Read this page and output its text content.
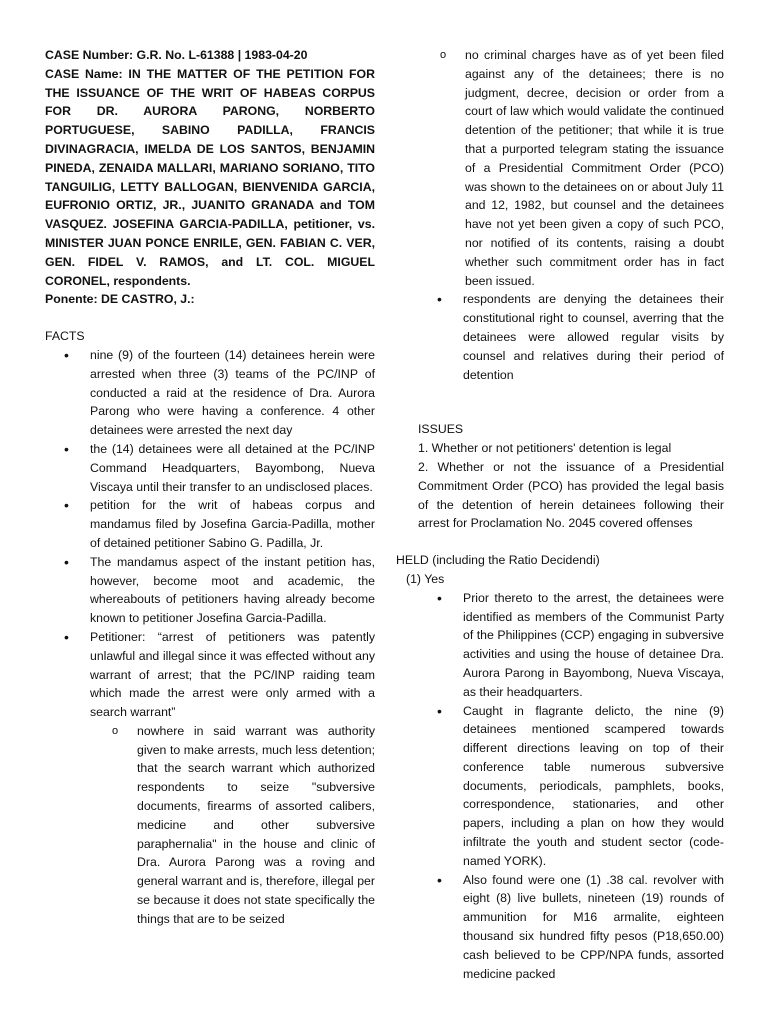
CASE Number: G.R. No. L-61388 | 1983-04-20

CASE Name: IN THE MATTER OF THE PETITION FOR THE ISSUANCE OF THE WRIT OF HABEAS CORPUS FOR DR. AURORA PARONG, NORBERTO PORTUGUESE, SABINO PADILLA, FRANCIS DIVINAGRACIA, IMELDA DE LOS SANTOS, BENJAMIN PINEDA, ZENAIDA MALLARI, MARIANO SORIANO, TITO TANGUILIG, LETTY BALLOGAN, BIENVENIDA GARCIA, EUFRONIO ORTIZ, JR., JUANITO GRANADA and TOM VASQUEZ. JOSEFINA GARCIA-PADILLA, petitioner, vs. MINISTER JUAN PONCE ENRILE, GEN. FABIAN C. VER, GEN. FIDEL V. RAMOS, and LT. COL. MIGUEL CORONEL, respondents.

Ponente: DE CASTRO, J.:

FACTS

• nine (9) of the fourteen (14) detainees herein were arrested when three (3) teams of the PC/INP of conducted a raid at the residence of Dra. Aurora Parong who were having a conference. 4 other detainees were arrested the next day
• the (14) detainees were all detained at the PC/INP Command Headquarters, Bayombong, Nueva Viscaya until their transfer to an undisclosed places.
• petition for the writ of habeas corpus and mandamus filed by Josefina Garcia-Padilla, mother of detained petitioner Sabino G. Padilla, Jr.
• The mandamus aspect of the instant petition has, however, become moot and academic, the whereabouts of petitioners having already become known to petitioner Josefina Garcia-Padilla.
• Petitioner: “arrest of petitioners was patently unlawful and illegal since it was effected without any warrant of arrest; that the PC/INP raiding team which made the arrest were only armed with a search warrant”
o nowhere in said warrant was authority given to make arrests, much less detention; that the search warrant which authorized respondents to seize "subversive documents, firearms of assorted calibers, medicine and other subversive paraphernalia" in the house and clinic of Dra. Aurora Parong was a roving and general warrant and is, therefore, illegal per se because it does not state specifically the things that are to be seized
o no criminal charges have as of yet been filed against any of the detainees; there is no judgment, decree, decision or order from a court of law which would validate the continued detention of the petitioner; that while it is true that a purported telegram stating the issuance of a Presidential Commitment Order (PCO) was shown to the detainees on or about July 11 and 12, 1982, but counsel and the detainees have not yet been given a copy of such PCO, nor notified of its contents, raising a doubt whether such commitment order has in fact been issued.
• respondents are denying the detainees their constitutional right to counsel, averring that the detainees were allowed regular visits by counsel and relatives during their period of detention

ISSUES

1. Whether or not petitioners' detention is legal

2. Whether or not the issuance of a Presidential Commitment Order (PCO) has provided the legal basis of the detention of herein detainees following their arrest for Proclamation No. 2045 covered offenses

HELD (including the Ratio Decidendi)

(1) Yes

• Prior thereto to the arrest, the detainees were identified as members of the Communist Party of the Philippines (CCP) engaging in subversive activities and using the house of detainee Dra. Aurora Parong in Bayombong, Nueva Viscaya, as their headquarters.
• Caught in flagrante delicto, the nine (9) detainees mentioned scampered towards different directions leaving on top of their conference table numerous subversive documents, periodicals, pamphlets, books, correspondence, stationaries, and other papers, including a plan on how they would infiltrate the youth and student sector (code-named YORK).
• Also found were one (1) .38 cal. revolver with eight (8) live bullets, nineteen (19) rounds of ammunition for M16 armalite, eighteen thousand six hundred fifty pesos (P18,650.00) cash believed to be CPP/NPA funds, assorted medicine packed
